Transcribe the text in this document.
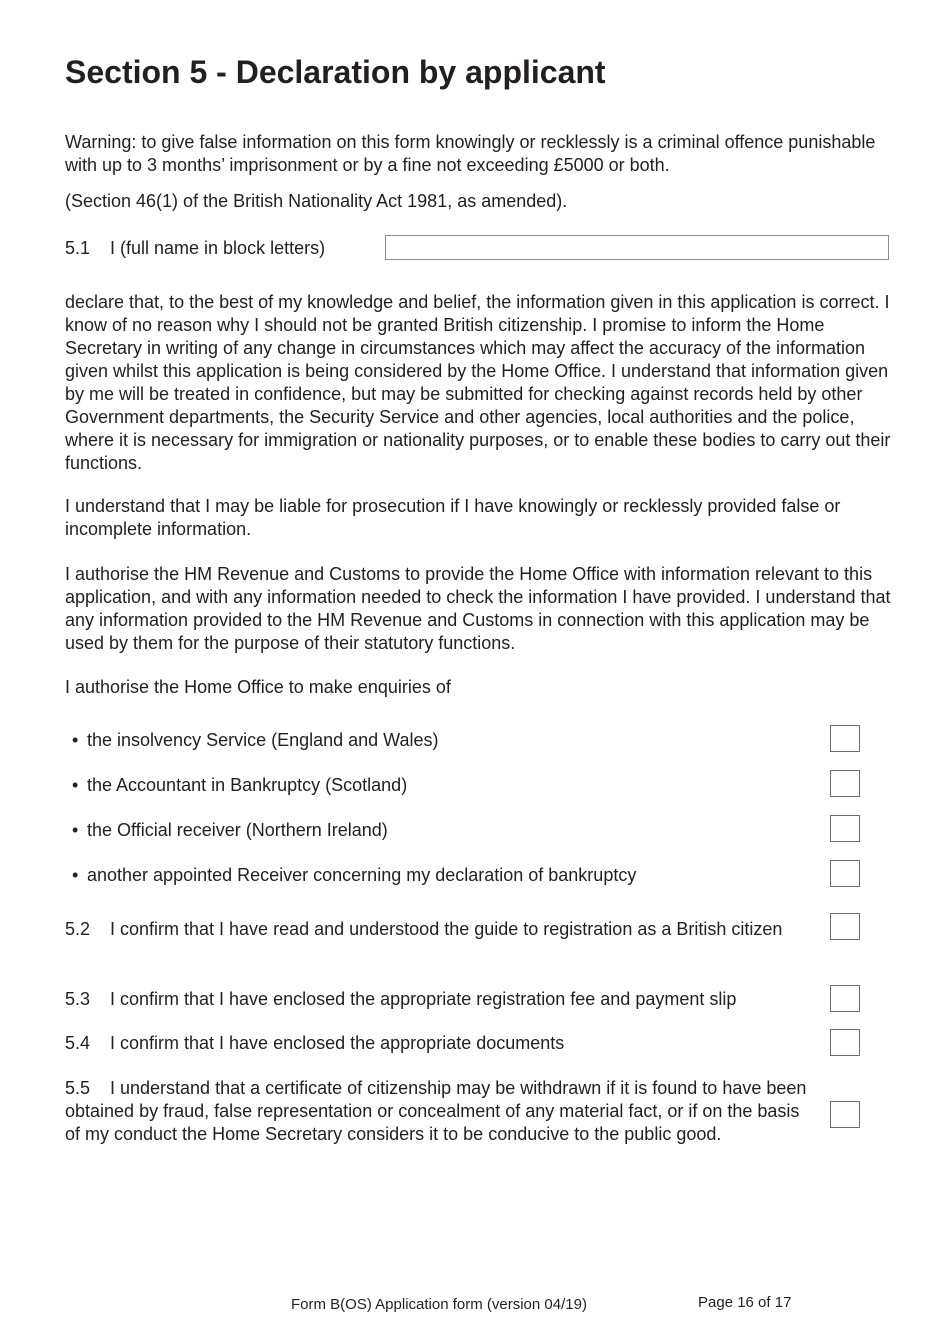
Section 5 - Declaration by applicant

Warning: to give false information on this form knowingly or recklessly is a criminal offence punishable with up to 3 months’ imprisonment or by a fine not exceeding £5000 or both.

(Section 46(1) of the British Nationality Act 1981, as amended).

5.1 I (full name in block letters)

declare that, to the best of my knowledge and belief, the information given in this application is correct. I know of no reason why I should not be granted British citizenship. I promise to inform the Home Secretary in writing of any change in circumstances which may affect the accuracy of the information given whilst this application is being considered by the Home Office. I understand that information given by me will be treated in confidence, but may be submitted for checking against records held by other Government departments, the Security Service and other agencies, local authorities and the police, where it is necessary for immigration or nationality purposes, or to enable these bodies to carry out their functions.

I understand that I may be liable for prosecution if I have knowingly or recklessly provided false or incomplete information.

I authorise the HM Revenue and Customs to provide the Home Office with information relevant to this application, and with any information needed to check the information I have provided. I understand that any information provided to the HM Revenue and Customs in connection with this application may be used by them for the purpose of their statutory functions.

I authorise the Home Office to make enquiries of

• the insolvency Service (England and Wales)
• the Accountant in Bankruptcy (Scotland)
• the Official receiver (Northern Ireland)
• another appointed Receiver concerning my declaration of bankruptcy
5.2 I confirm that I have read and understood the guide to registration as a British citizen
5.3 I confirm that I have enclosed the appropriate registration fee and payment slip
5.4 I confirm that I have enclosed the appropriate documents
5.5 I understand that a certificate of citizenship may be withdrawn if it is found to have been obtained by fraud, false representation or concealment of any material fact, or if on the basis of my conduct the Home Secretary considers it to be conducive to the public good.
Form B(OS) Application form (version 04/19)	Page 16 of 17
